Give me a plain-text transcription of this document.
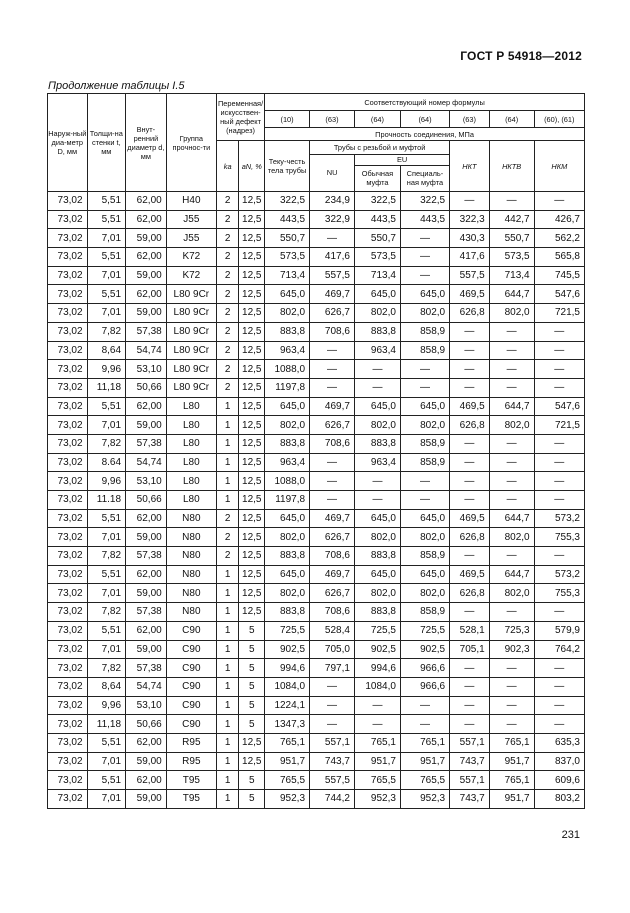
ГОСТ Р 54918—2012
Продолжение таблицы I.5
Наруж-ный диа-метр D, мм	Толщи-на стенки t, мм	Внут-ренний диаметр d, мм	Группа прочнос-ти	Переменная/искусствен-ный дефект (надрез)	Соответствующий номер формулы
(10)	(63)	(64)	(64)	(63)	(64)	(60), (61)
Прочность соединения, МПа
kа	aN, %	Теку-честь тела трубы	
Трубы с резьбой и муфтой
NU	EU
Обычная муфта	Специаль-ная муфта
	НКТ	НКТВ	НКМ
73,02	5,51	62,00	H40	2	12,5	322,5	234,9	322,5	322,5	—	—	—
73,02	5,51	62,00	J55	2	12,5	443,5	322,9	443,5	443,5	322,3	442,7	426,7
73,02	7,01	59,00	J55	2	12,5	550,7	—	550,7	—	430,3	550,7	562,2
73,02	5,51	62,00	K72	2	12,5	573,5	417,6	573,5	—	417,6	573,5	565,8
73,02	7,01	59,00	K72	2	12,5	713,4	557,5	713,4	—	557,5	713,4	745,5
73,02	5,51	62,00	L80 9Cr	2	12,5	645,0	469,7	645,0	645,0	469,5	644,7	547,6
73,02	7,01	59,00	L80 9Cr	2	12,5	802,0	626,7	802,0	802,0	626,8	802,0	721,5
73,02	7,82	57,38	L80 9Cr	2	12,5	883,8	708,6	883,8	858,9	—	—	—
73,02	8,64	54,74	L80 9Cr	2	12,5	963,4	—	963,4	858,9	—	—	—
73,02	9,96	53,10	L80 9Cr	2	12,5	1088,0	—	—	—	—	—	—
73,02	11,18	50,66	L80 9Cr	2	12,5	1197,8	—	—	—	—	—	—
73,02	5,51	62,00	L80	1	12,5	645,0	469,7	645,0	645,0	469,5	644,7	547,6
73,02	7,01	59,00	L80	1	12,5	802,0	626,7	802,0	802,0	626,8	802,0	721,5
73,02	7,82	57,38	L80	1	12,5	883,8	708,6	883,8	858,9	—	—	—
73,02	8.64	54,74	L80	1	12,5	963,4	—	963,4	858,9	—	—	—
73,02	9,96	53,10	L80	1	12,5	1088,0	—	—	—	—	—	—
73,02	11.18	50,66	L80	1	12,5	1197,8	—	—	—	—	—	—
73,02	5,51	62,00	N80	2	12,5	645,0	469,7	645,0	645,0	469,5	644,7	573,2
73,02	7,01	59,00	N80	2	12,5	802,0	626,7	802,0	802,0	626,8	802,0	755,3
73,02	7,82	57,38	N80	2	12,5	883,8	708,6	883,8	858,9	—	—	—
73,02	5,51	62,00	N80	1	12,5	645,0	469,7	645,0	645,0	469,5	644,7	573,2
73,02	7,01	59,00	N80	1	12,5	802,0	626,7	802,0	802,0	626,8	802,0	755,3
73,02	7,82	57,38	N80	1	12,5	883,8	708,6	883,8	858,9	—	—	—
73,02	5,51	62,00	C90	1	5	725,5	528,4	725,5	725,5	528,1	725,3	579,9
73,02	7,01	59,00	C90	1	5	902,5	705,0	902,5	902,5	705,1	902,3	764,2
73,02	7,82	57,38	C90	1	5	994,6	797,1	994,6	966,6	—	—	—
73,02	8,64	54,74	C90	1	5	1084,0	—	1084,0	966,6	—	—	—
73,02	9,96	53,10	C90	1	5	1224,1	—	—	—	—	—	—
73,02	11,18	50,66	C90	1	5	1347,3	—	—	—	—	—	—
73,02	5,51	62,00	R95	1	12,5	765,1	557,1	765,1	765,1	557,1	765,1	635,3
73,02	7,01	59,00	R95	1	12,5	951,7	743,7	951,7	951,7	743,7	951,7	837,0
73,02	5,51	62,00	T95	1	5	765,5	557,5	765,5	765,5	557,1	765,1	609,6
73,02	7,01	59,00	T95	1	5	952,3	744,2	952,3	952,3	743,7	951,7	803,2
231
